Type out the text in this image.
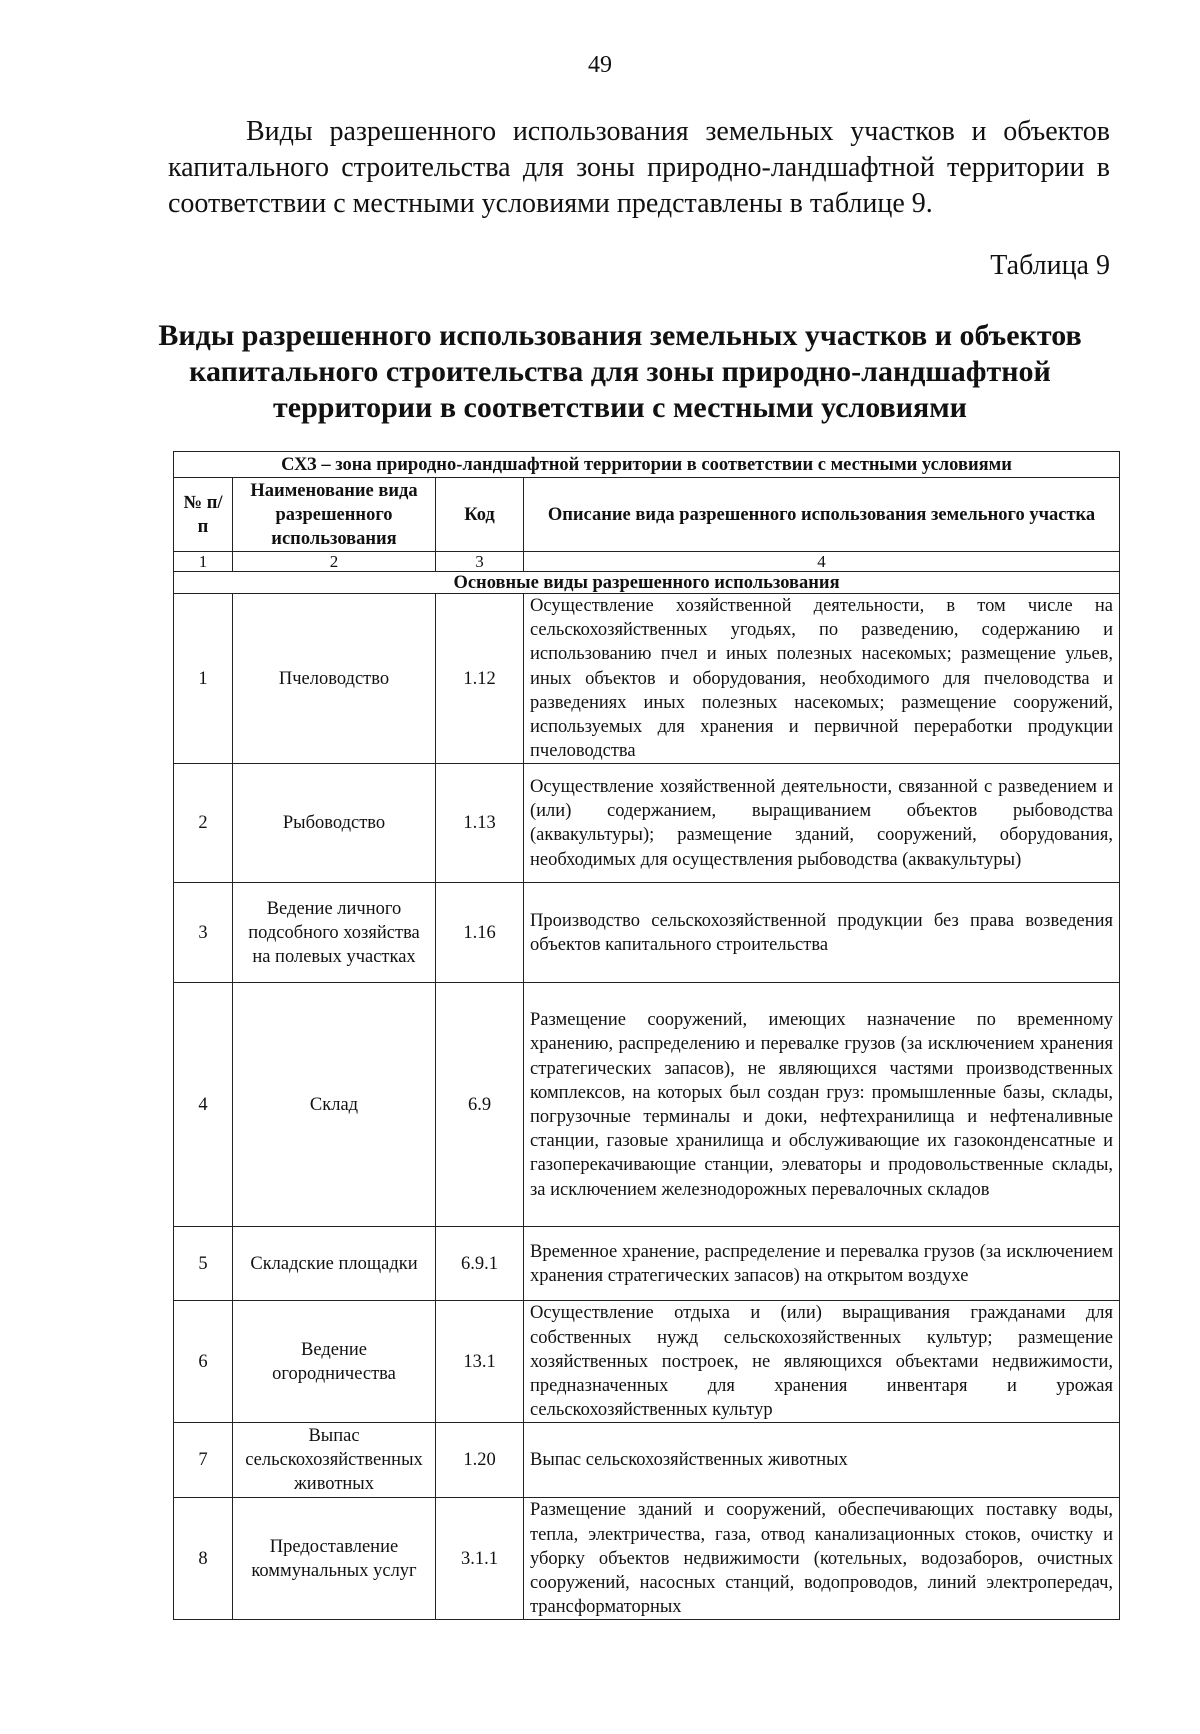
49

Виды разрешенного использования земельных участков и объектов капитального строительства для зоны природно-ландшафтной территории в соответствии с местными условиями представлены в таблице 9.

Таблица 9
Виды разрешенного использования земельных участков и объектов капитального строительства для зоны природно-ландшафтной территории в соответствии с местными условиями
СХЗ – зона природно-ландшафтной территории в соответствии с местными условиями			
№ п/п	Наименование вида разрешенного использования	Код	Описание вида разрешенного использования земельного участка
1	2	3	4
Основные виды разрешенного использования			
1	Пчеловодство	1.12	Осуществление хозяйственной деятельности, в том числе на сельскохозяйственных угодьях, по разведению, содержанию и использованию пчел и иных полезных насекомых; размещение ульев, иных объектов и оборудования, необходимого для пчеловодства и разведениях иных полезных насекомых; размещение сооружений, используемых для хранения и первичной переработки продукции пчеловодства
2	Рыбоводство	1.13	Осуществление хозяйственной деятельности, связанной с разведением и (или) содержанием, выращиванием объектов рыбоводства (аквакультуры); размещение зданий, сооружений, оборудования, необходимых для осуществления рыбоводства (аквакультуры)
3	Ведение личного подсобного хозяйства на полевых участках	1.16	Производство сельскохозяйственной продукции без права возведения объектов капитального строительства
4	Склад	6.9	Размещение сооружений, имеющих назначение по временному хранению, распределению и перевалке грузов (за исключением хранения стратегических запасов), не являющихся частями производственных комплексов, на которых был создан груз: промышленные базы, склады, погрузочные терминалы и доки, нефтехранилища и нефтеналивные станции, газовые хранилища и обслуживающие их газоконденсатные и газоперекачивающие станции, элеваторы и продовольственные склады, за исключением железнодорожных перевалочных складов
5	Складские площадки	6.9.1	Временное хранение, распределение и перевалка грузов (за исключением хранения стратегических запасов) на открытом воздухе
6	Ведение огородничества	13.1	Осуществление отдыха и (или) выращивания гражданами для собственных нужд сельскохозяйственных культур; размещение хозяйственных построек, не являющихся объектами недвижимости, предназначенных для хранения инвентаря и урожая сельскохозяйственных культур
7	Выпас сельскохозяйственных животных	1.20	Выпас сельскохозяйственных животных
8	Предоставление коммунальных услуг	3.1.1	Размещение зданий и сооружений, обеспечивающих поставку воды, тепла, электричества, газа, отвод канализационных стоков, очистку и уборку объектов недвижимости (котельных, водозаборов, очистных сооружений, насосных станций, водопроводов, линий электропередач, трансформаторных
